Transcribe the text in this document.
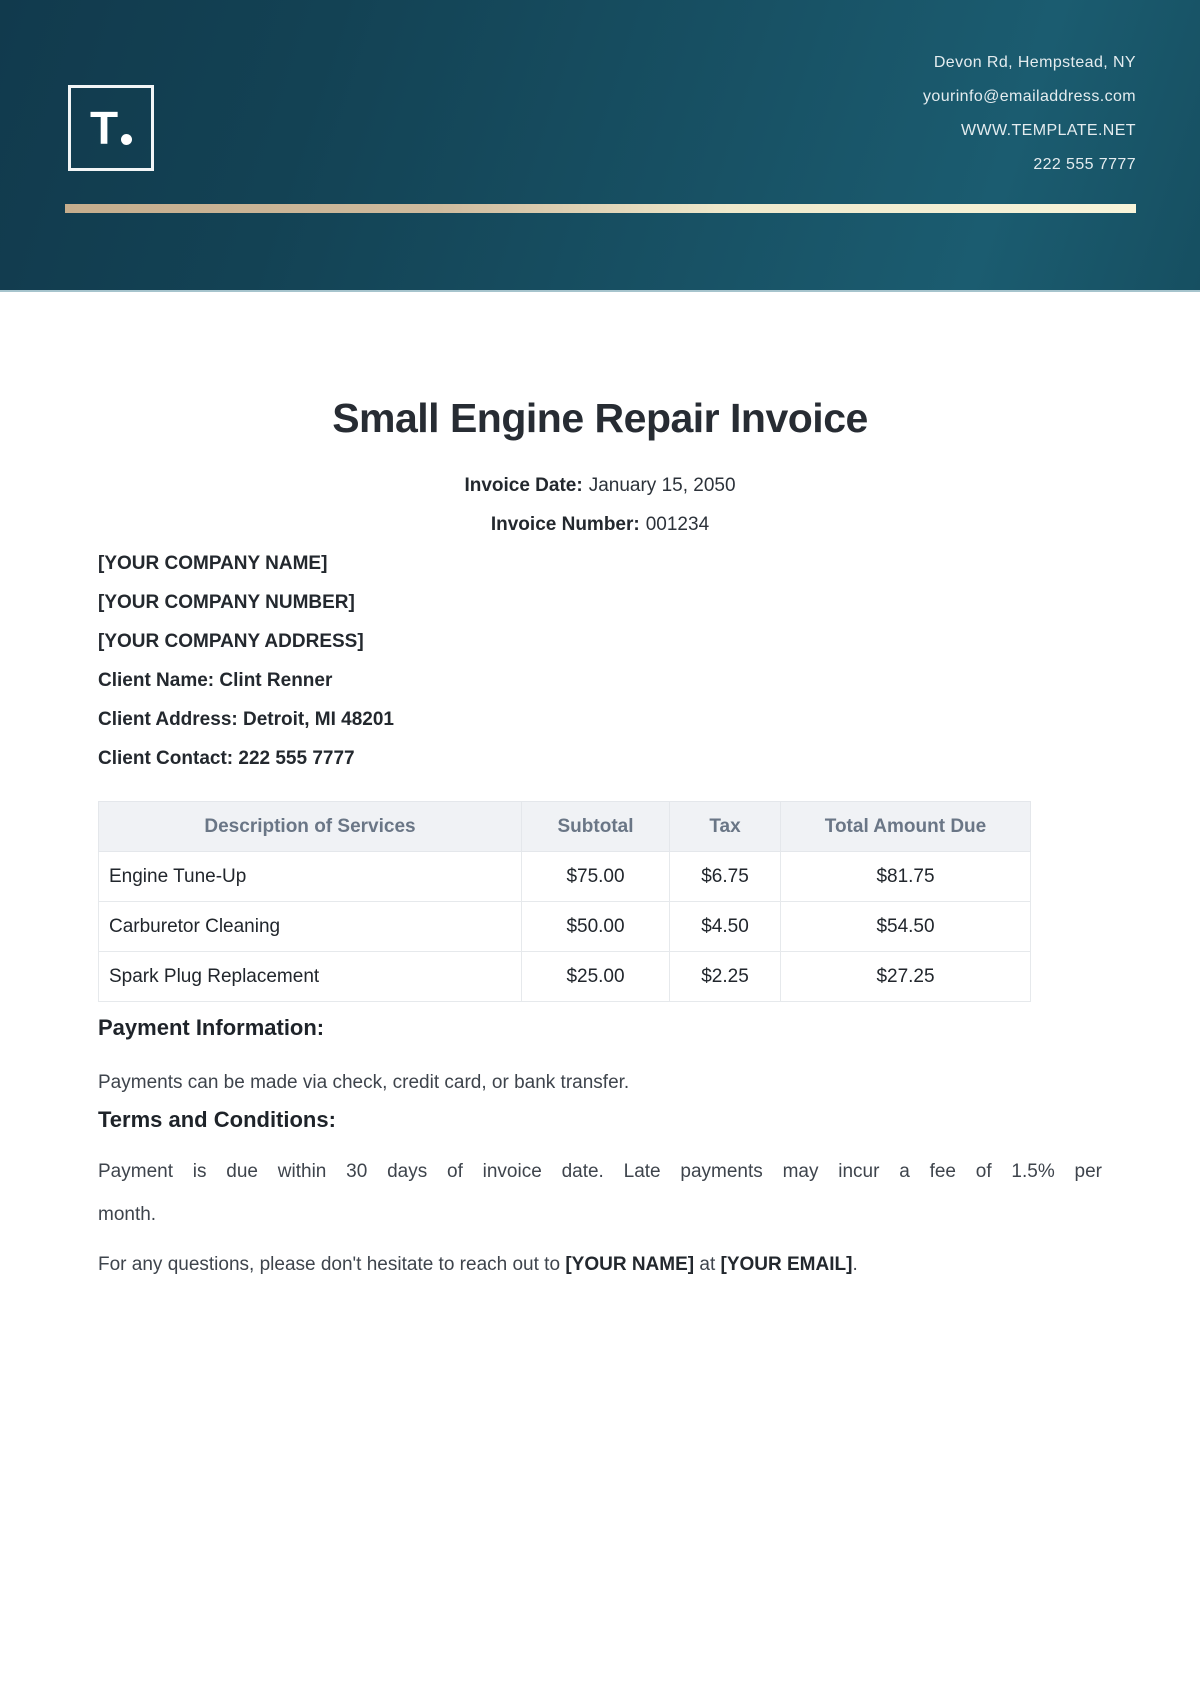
T
Devon Rd, Hempstead, NY
yourinfo@emailaddress.com
WWW.TEMPLATE.NET
222 555 7777
Small Engine Repair Invoice
Invoice Date: January 15, 2050
Invoice Number: 001234
[YOUR COMPANY NAME]
[YOUR COMPANY NUMBER]
[YOUR COMPANY ADDRESS]
Client Name: Clint Renner
Client Address: Detroit, MI 48201
Client Contact: 222 555 7777
Description of Services	Subtotal	Tax	Total Amount Due
Engine Tune-Up	$75.00	$6.75	$81.75
Carburetor Cleaning	$50.00	$4.50	$54.50
Spark Plug Replacement	$25.00	$2.25	$27.25
Payment Information:

Payments can be made via check, credit card, or bank transfer.

Terms and Conditions:
Payment is due within 30 days of invoice date. Late payments may incur a fee of 1.5% per
month.

For any questions, please don't hesitate to reach out to [YOUR NAME] at [YOUR EMAIL].
